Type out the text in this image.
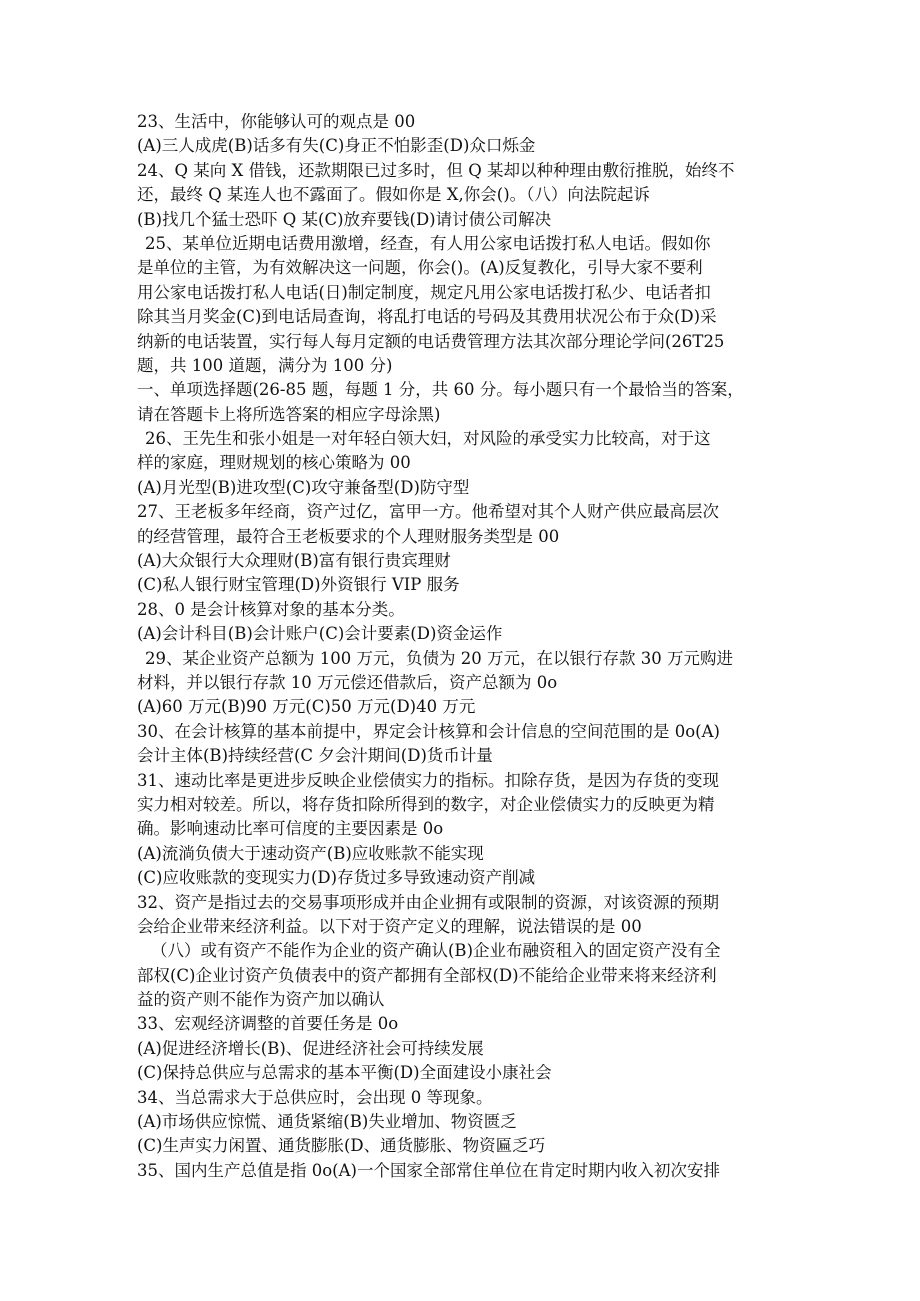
23、生活中，你能够认可的观点是 00
(A)三人成虎(B)话多有失(C)身正不怕影歪(D)众口烁金
24、Q 某向 X 借钱，还款期限已过多时，但 Q 某却以种种理由敷衍推脱，始终不
还，最终 Q 某连人也不露面了。假如你是 X,你会()。（八）向法院起诉
(B)找几个猛士恐吓 Q 某(C)放弃要钱(D)请讨债公司解决
25、某单位近期电话费用激增，经查，有人用公家电话拨打私人电话。假如你
是单位的主管，为有效解决这一问题，你会()。(A)反复教化，引导大家不要利
用公家电话拨打私人电话(日)制定制度，规定凡用公家电话拨打私少、电话者扣
除其当月奖金(C)到电话局查询，将乱打电话的号码及其费用状况公布于众(D)采
纳新的电话装置，实行每人每月定额的电话费管理方法其次部分理论学问(26T25
题，共 100 道题，满分为 100 分)
一、单项选择题(26-85 题，每题 1 分，共 60 分。每小题只有一个最恰当的答案，
请在答题卡上将所选答案的相应字母涂黑)
26、王先生和张小姐是一对年轻白领大妇，对风险的承受实力比较高，对于这
样的家庭，理财规划的核心策略为 00
(A)月光型(B)进攻型(C)攻守兼备型(D)防守型
27、王老板多年经商，资产过亿，富甲一方。他希望对其个人财产供应最高层次
的经营管理，最符合王老板要求的个人理财服务类型是 00
(A)大众银行大众理财(B)富有银行贵宾理财
(C)私人银行财宝管理(D)外资银行 VIP 服务
28、0 是会计核算对象的基本分类。
(A)会计科目(B)会计账户(C)会计要素(D)资金运作
29、某企业资产总额为 100 万元，负债为 20 万元，在以银行存款 30 万元购进
材料，并以银行存款 10 万元偿还借款后，资产总额为 0o
(A)60 万元(B)90 万元(C)50 万元(D)40 万元
30、在会计核算的基本前提中，界定会计核算和会计信息的空间范围的是 0o(A)
会计主体(B)持续经营(C 夕会汁期间(D)货币计量
31、速动比率是更进步反映企业偿债实力的指标。扣除存货，是因为存货的变现
实力相对较差。所以，将存货扣除所得到的数字，对企业偿债实力的反映更为精
确。影响速动比率可信度的主要因素是 0o
(A)流淌负债大于速动资产(B)应收账款不能实现
(C)应收账款的变现实力(D)存货过多导致速动资产削减
32、资产是指过去的交易事项形成并由企业拥有或限制的资源，对该资源的预期
会给企业带来经济利益。以下对于资产定义的理解，说法错误的是 00
（八）或有资产不能作为企业的资产确认(B)企业布融资租入的固定资产没有全
部权(C)企业讨资产负债表中的资产都拥有全部权(D)不能给企业带来将来经济利
益的资产则不能作为资产加以确认
33、宏观经济调整的首要任务是 0o
(A)促进经济增长(B)、促进经济社会可持续发展
(C)保持总供应与总需求的基本平衡(D)全面建设小康社会
34、当总需求大于总供应时，会出现 0 等现象。
(A)市场供应惊慌、通货紧缩(B)失业增加、物资匮乏
(C)生声实力闲置、通货膨胀(D、通货膨胀、物资匾乏巧
35、国内生产总值是指 0o(A)一个国家全部常住单位在肯定时期内收入初次安排
